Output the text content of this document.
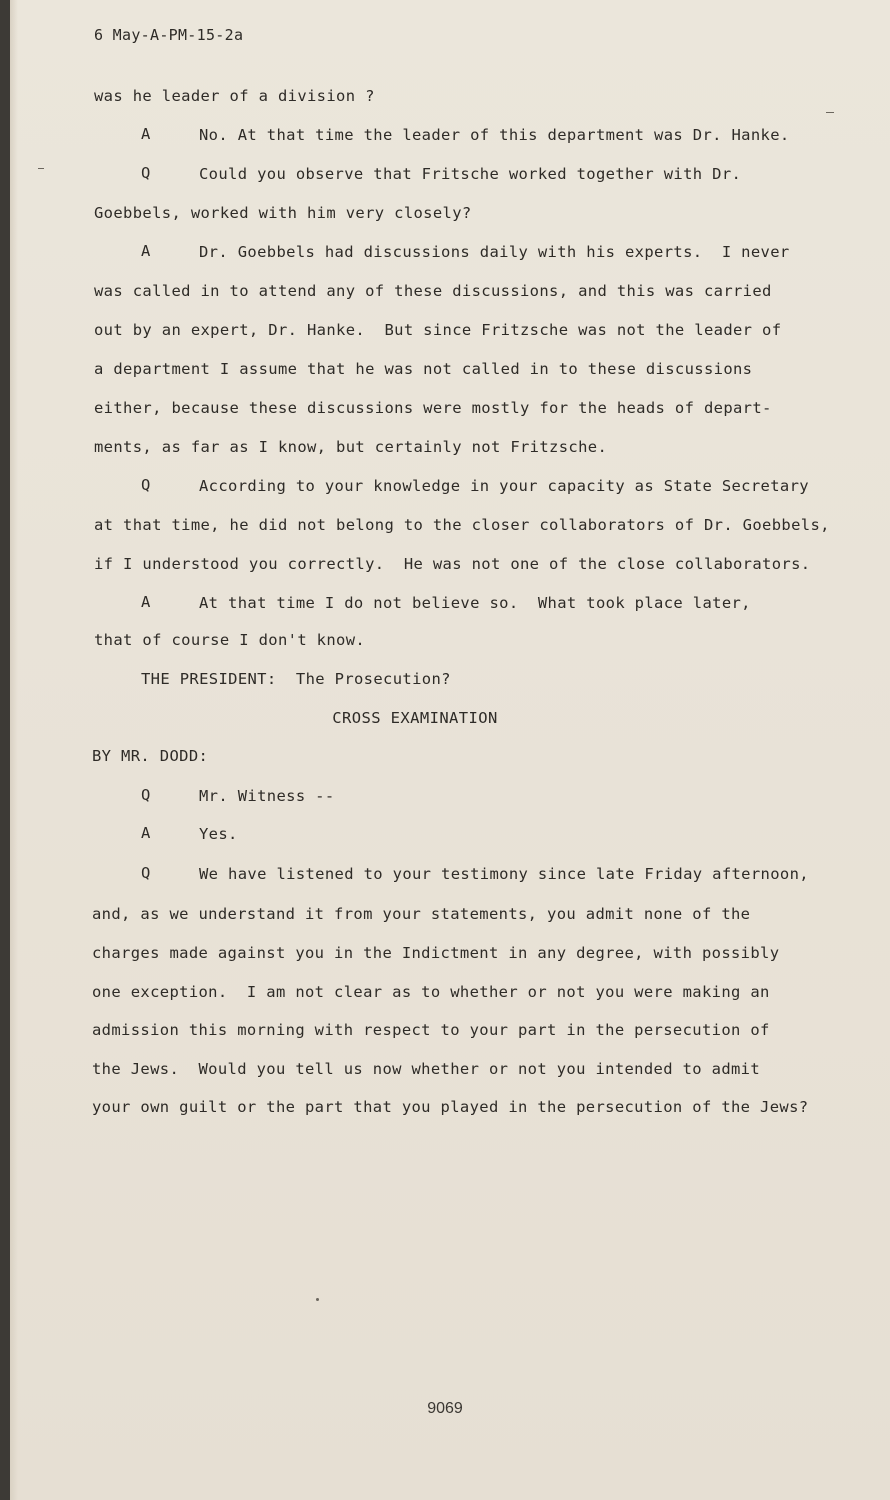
6 May-A-PM-15-2a
was he leader of a division ?
A	No. At that time the leader of this department was Dr. Hanke.
Q	Could you observe that Fritsche worked together with Dr.
Goebbels, worked with him very closely?
A	Dr. Goebbels had discussions daily with his experts.  I never
was called in to attend any of these discussions, and this was carried
out by an expert, Dr. Hanke.  But since Fritzsche was not the leader of
a department I assume that he was not called in to these discussions
either, because these discussions were mostly for the heads of depart-
ments, as far as I know, but certainly not Fritzsche.
Q	According to your knowledge in your capacity as State Secretary
at that time, he did not belong to the closer collaborators of Dr. Goebbels,
if I understood you correctly.  He was not one of the close collaborators.
A	At that time I do not believe so.  What took place later,
that of course I don't know.
THE PRESIDENT:  The Prosecution?
CROSS EXAMINATION
BY MR. DODD:
Q	Mr. Witness --
A	Yes.
Q	We have listened to your testimony since late Friday afternoon,
and, as we understand it from your statements, you admit none of the
charges made against you in the Indictment in any degree, with possibly
one exception.  I am not clear as to whether or not you were making an
admission this morning with respect to your part in the persecution of
the Jews.  Would you tell us now whether or not you intended to admit
your own guilt or the part that you played in the persecution of the Jews?
9069
